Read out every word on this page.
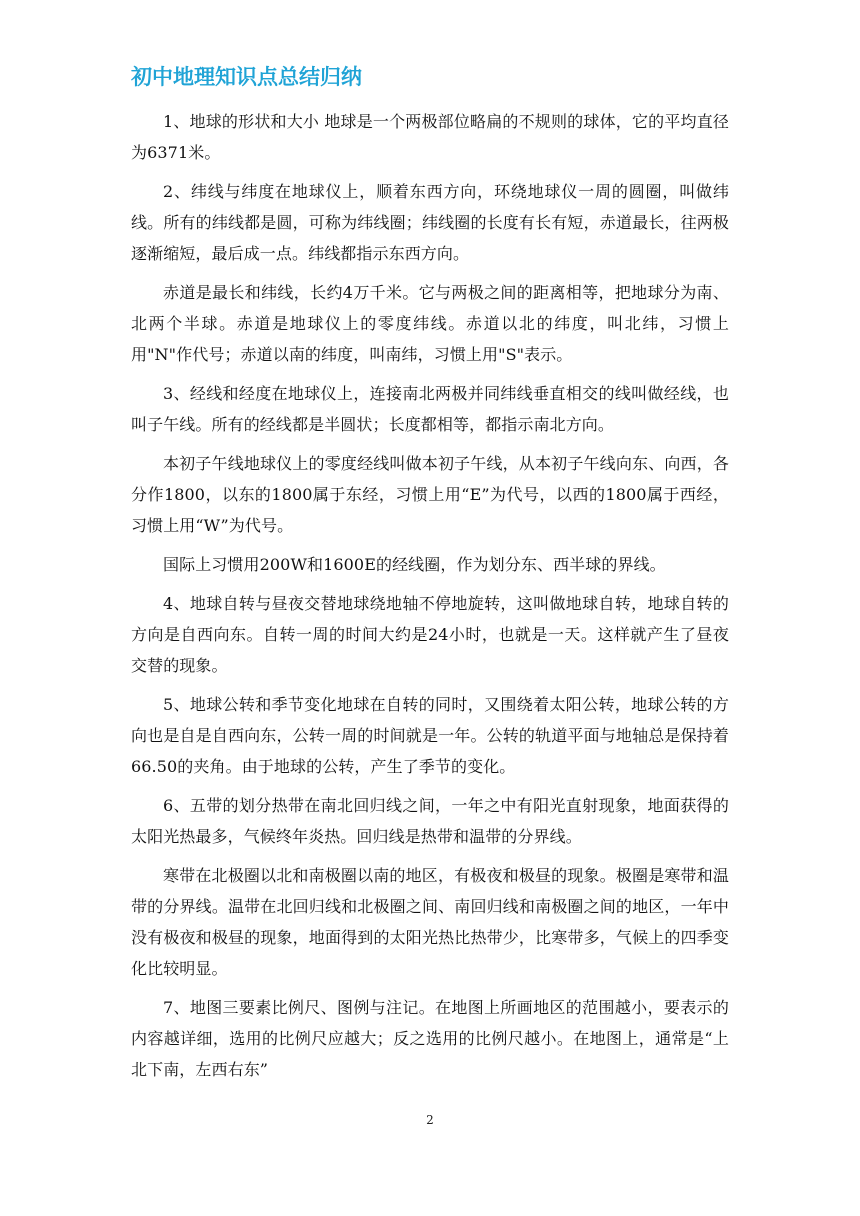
初中地理知识点总结归纳

1、地球的形状和大小 地球是一个两极部位略扁的不规则的球体，它的平均直径为6371米。

2、纬线与纬度在地球仪上，顺着东西方向，环绕地球仪一周的圆圈，叫做纬线。所有的纬线都是圆，可称为纬线圈；纬线圈的长度有长有短，赤道最长，往两极逐渐缩短，最后成一点。纬线都指示东西方向。

赤道是最长和纬线，长约4万千米。它与两极之间的距离相等，把地球分为南、北两个半球。赤道是地球仪上的零度纬线。赤道以北的纬度，叫北纬，习惯上用"N"作代号；赤道以南的纬度，叫南纬，习惯上用"S"表示。

3、经线和经度在地球仪上，连接南北两极并同纬线垂直相交的线叫做经线，也叫子午线。所有的经线都是半圆状；长度都相等，都指示南北方向。

本初子午线地球仪上的零度经线叫做本初子午线，从本初子午线向东、向西，各分作1800，以东的1800属于东经，习惯上用“E”为代号，以西的1800属于西经，习惯上用“W”为代号。

国际上习惯用200W和1600E的经线圈，作为划分东、西半球的界线。

4、地球自转与昼夜交替地球绕地轴不停地旋转，这叫做地球自转，地球自转的方向是自西向东。自转一周的时间大约是24小时，也就是一天。这样就产生了昼夜交替的现象。

5、地球公转和季节变化地球在自转的同时，又围绕着太阳公转，地球公转的方向也是自是自西向东，公转一周的时间就是一年。公转的轨道平面与地轴总是保持着66.50的夹角。由于地球的公转，产生了季节的变化。

6、五带的划分热带在南北回归线之间，一年之中有阳光直射现象，地面获得的太阳光热最多，气候终年炎热。回归线是热带和温带的分界线。

寒带在北极圈以北和南极圈以南的地区，有极夜和极昼的现象。极圈是寒带和温带的分界线。温带在北回归线和北极圈之间、南回归线和南极圈之间的地区，一年中没有极夜和极昼的现象，地面得到的太阳光热比热带少，比寒带多，气候上的四季变化比较明显。

7、地图三要素比例尺、图例与注记。在地图上所画地区的范围越小，要表示的内容越详细，选用的比例尺应越大；反之选用的比例尺越小。在地图上，通常是“上北下南，左西右东”

2
